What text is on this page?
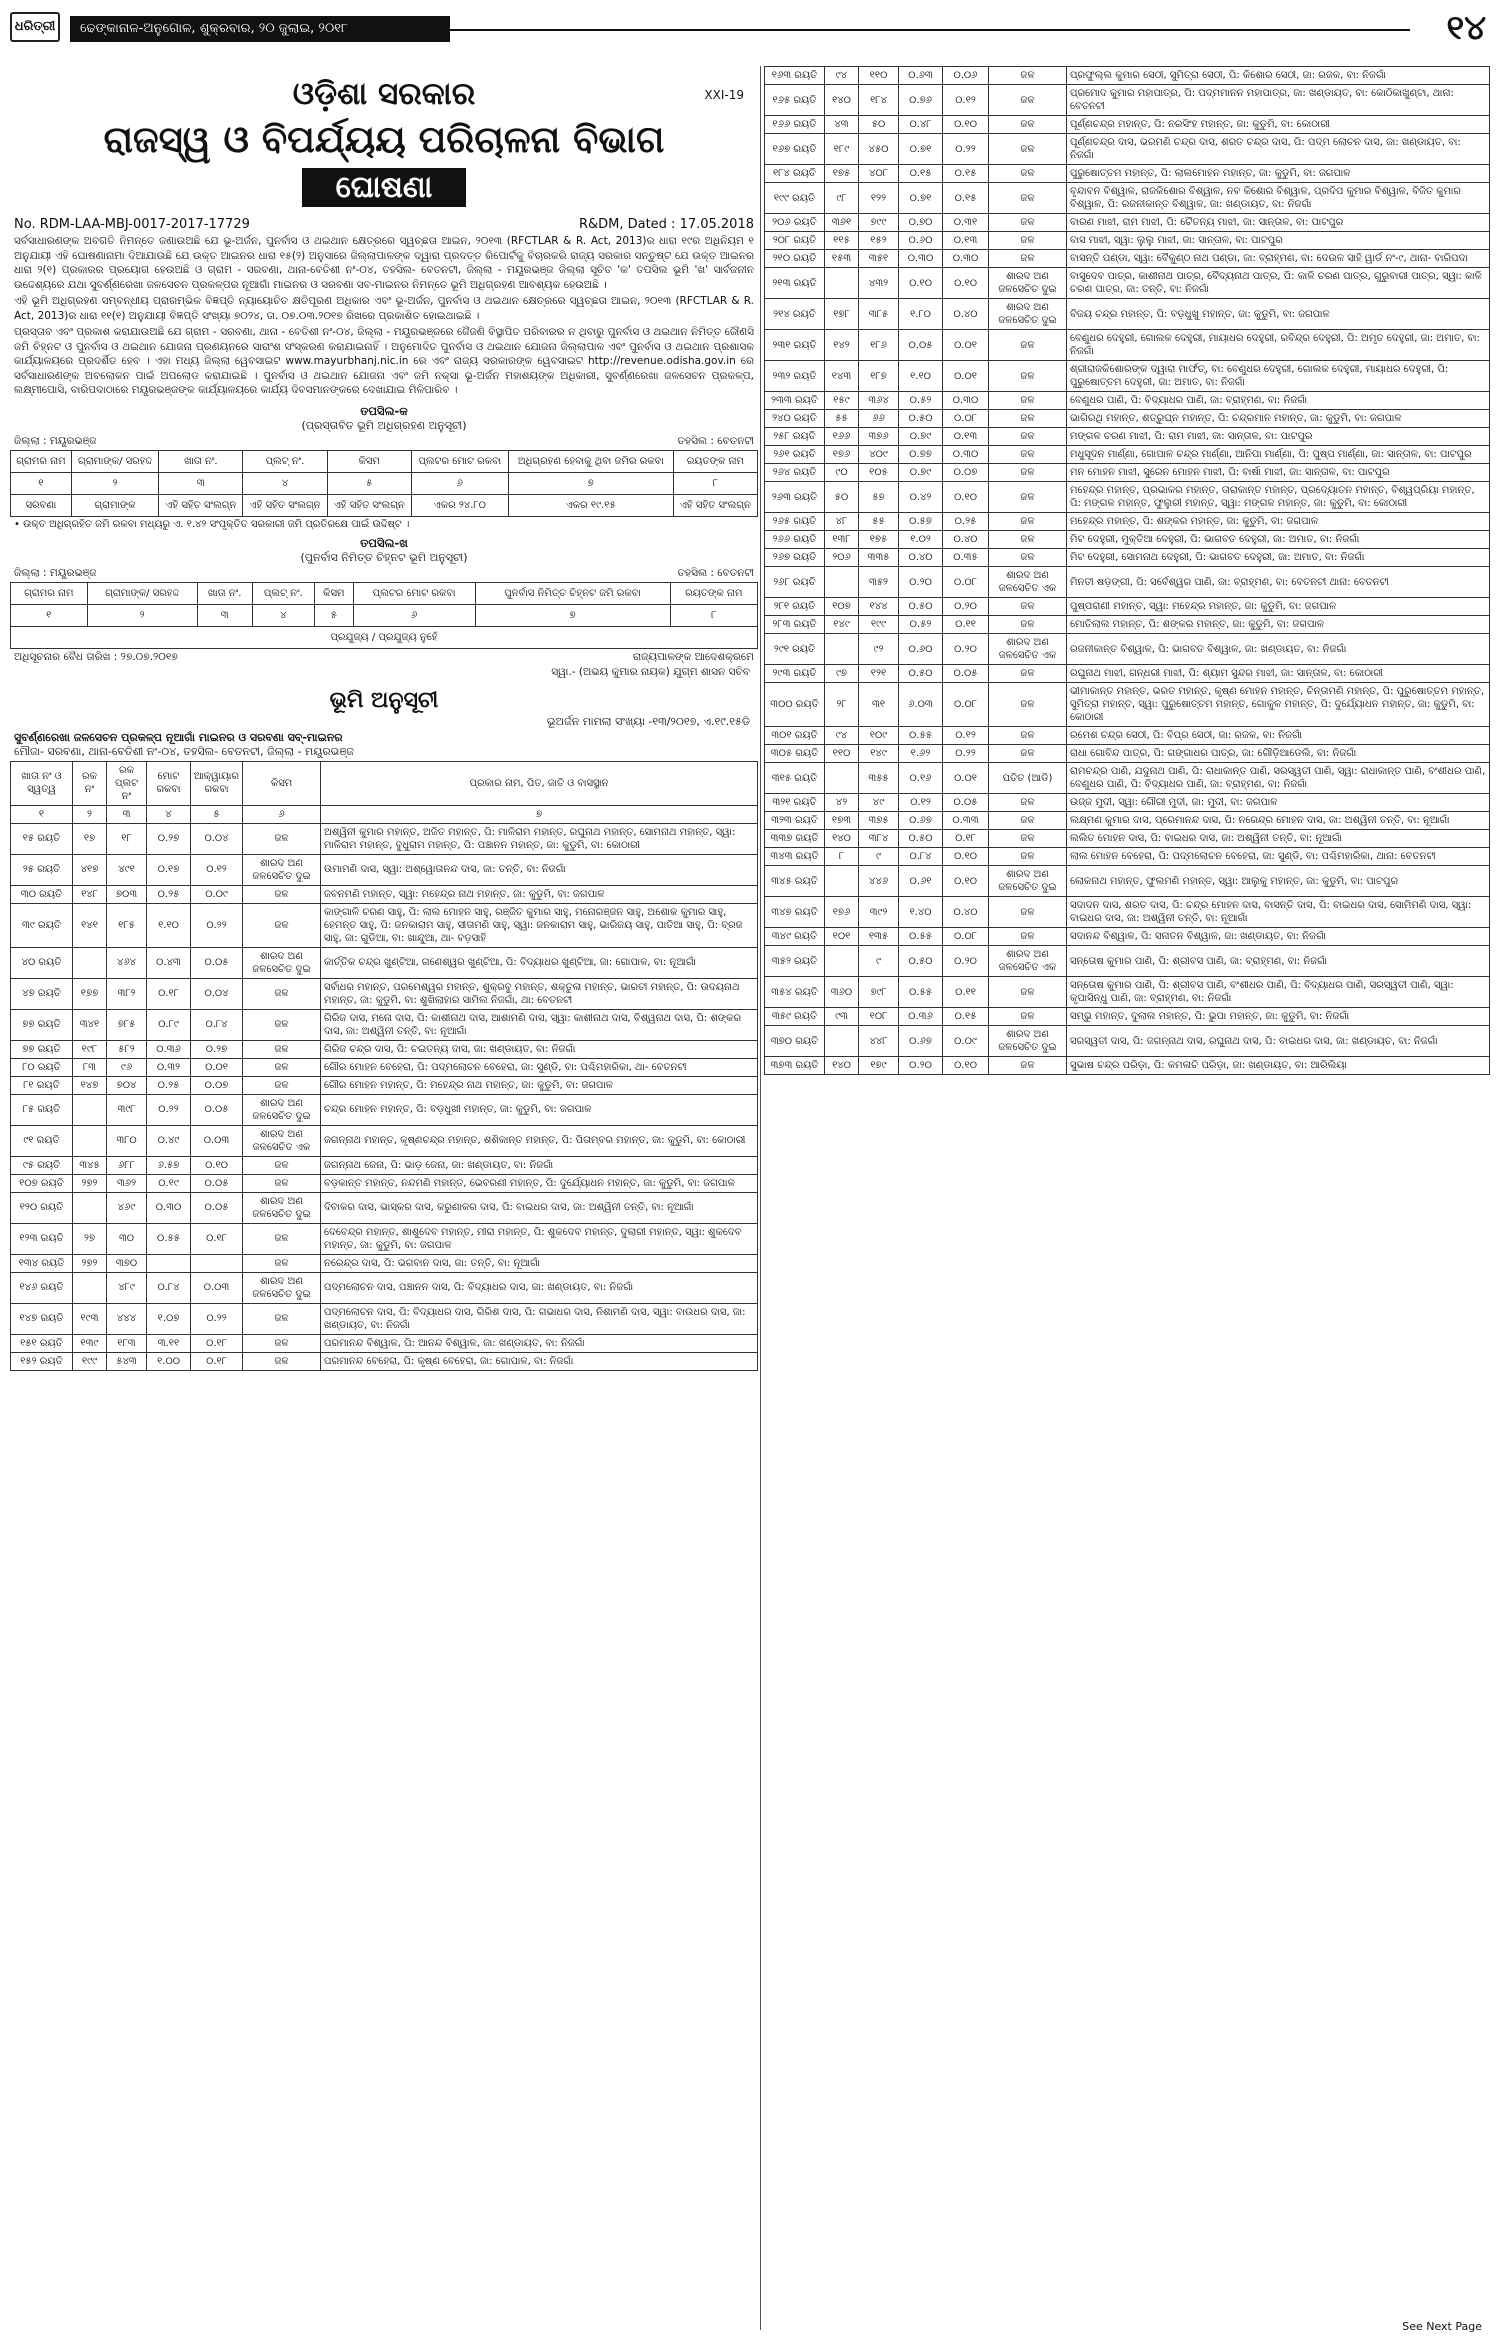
ଧରିତ୍ରୀ	ଢେଙ୍କାନାଳ-ଅନୁଗୋଳ, ଶୁକ୍ରବାର, ୨୦ ଜୁଲାଇ, ୨୦୧୮	୧୪
XXI-19
ଓଡ଼ିଶା ସରକାର
ରାଜସ୍ୱ ଓ ବିପର୍ଯ୍ୟୟ ପରିଚାଳନା ବିଭାଗ
ଘୋଷଣା
No. RDM-LAA-MBJ-0017-2017-17729	R&DM, Dated : 17.05.2018

ସର୍ବସାଧାରଣଙ୍କ ଅବଗତି ନିମନ୍ତେ ଜଣାଉଅଛି ଯେ ଭୂ-ଅର୍ଜନ, ପୁନର୍ବାସ ଓ ଥଇଥାନ କ୍ଷେତ୍ରରେ ସ୍ୱଚ୍ଛତା ଆଇନ, ୨୦୧୩ (RFCTLAR & R. Act, 2013)ର ଧାରା ୧୯ର ଅଧିନିୟମ ୧ ଅନୁଯାୟୀ ଏହି ଘୋଷଣାନାମା ଦିଆଯାଉଛି ଯେ ଉକ୍ତ ଆଇନର ଧାରା ୧୫(୨) ଅନୁସାରେ ଜିଲ୍ଲାପାଳଙ୍କ ଦ୍ୱାରା ପ୍ରଦତ୍ତ ରିପୋର୍ଟକୁ ବିଚାରକରି ରାଜ୍ୟ ସରକାର ସନ୍ତୁଷ୍ଟ ଯେ ଉକ୍ତ ଆଇନର ଧାରା ୨(୧) ପ୍ରକାରର ପ୍ରୟୋଗ ହେଉଅଛି ଓ ଗ୍ରାମ - ସରବଣା, ଥାନା-ବେତିଶୀ ନଂ-୦୪, ତହସିଲ- ବେତନଟୀ, ଜିଲ୍ଲା - ମୟୂରଭଞ୍ଜ ଜିଲ୍ଲା ସୂଚିତ 'କ' ତପସିଲ ଭୂମି 'ଖ' ସାର୍ବଜନୀନ ଉଦ୍ଦେଶ୍ୟରେ ଯଥା ସୁବର୍ଣ୍ଣରେଖା ଜଳସେଚନ ପ୍ରକଳ୍ପର ନୂଆଗାଁ ମାଇନର ଓ ସରବଣା ସବ-ମାଇନର ନିମନ୍ତେ ଭୂମି ଅଧିଗ୍ରହଣ ଆବଶ୍ୟକ ହେଉଅଛି ।

ଏହି ଭୂମି ଅଧିଗ୍ରହଣ ସମ୍ବନ୍ଧୀୟ ପ୍ରାରମ୍ଭିକ ବିଜ୍ଞପ୍ତି ନ୍ୟାୟୋଚିତ କ୍ଷତିପୂରଣ ଅଧିକାର ଏବଂ ଭୂ-ଅର୍ଜନ, ପୁନର୍ବାସ ଓ ଥଇଥାନ କ୍ଷେତ୍ରରେ ସ୍ୱଚ୍ଛତା ଆଇନ, ୨୦୧୩ (RFCTLAR & R. Act, 2013)ର ଧାରା ୧୧(୧) ଅନୁଯାୟୀ ବିଜ୍ଞପ୍ତି ସଂଖ୍ୟା ୭୦୨୪, ତା. ୦୭.୦୩.୨୦୧୭ ରିଖରେ ପ୍ରକାଶିତ ହୋଇଥାଇଛି ।

ପ୍ରସ୍ତାବ ଏବଂ ପ୍ରକାଶ କରାଯାଉଅଛି ଯେ ଗ୍ରାମ - ସରବଣା, ଥାନା - ବେତିଶୀ ନଂ-୦୪, ଜିଲ୍ଲା - ମୟୂରଭଞ୍ଜରେ ଜୈଜଣି ବିସ୍ଥାପିତ ପରିବାରର ନ ଥିବାରୁ ପୁନର୍ବାସ ଓ ଥଇଥାନ ନିମିତ୍ତ ଜୌଣସି ଜମି ଚିହ୍ନଟ ଓ ପୁନର୍ବାସ ଓ ଥଇଥାନ ଯୋଜନା ପ୍ରଣୟନରେ ସାରାଂଶ ସଂସ୍କରଣ କରାଯାଇନାହିଁ । ଅନୁମୋଦିତ ପୁନର୍ବାସ ଓ ଥଇଥାନ ଯୋଜନା ଜିଲ୍ଲାପାଳ ଏବଂ ପୁନର୍ବାସ ଓ ଥଇଥାନ ପ୍ରଶାସକ କାର୍ଯ୍ୟାଳୟରେ ପ୍ରଦର୍ଶିତ ହେବ । ଏହା ମଧ୍ୟ ଜିଲ୍ଲା ୱେବସାଇଟ www.mayurbhanj.nic.in ରେ ଏବଂ ରାଜ୍ୟ ସରକାରଙ୍କ ୱେବସାଇଟ http://revenue.odisha.gov.in ରେ ସର୍ବସାଧାରଣଙ୍କ ଅବଲୋକନ ପାଇଁ ଅପଲୋଡ କରାଯାଇଛି । ପୁନର୍ବାସ ଓ ଥଇଥାନ ଯୋଜନା ଏବଂ ଜମି ନକ୍ସା ଭୂ-ଅର୍ଜନ ମହାଶୟଙ୍କ ଅଧିକାରୀ, ସୁବର୍ଣ୍ଣରେଖା ଜଳସେଚନ ପ୍ରକଳ୍ପ, ଲକ୍ଷ୍ମୀପୋସି, ବାରିପଦାଠାରେ ମୟୂରଭଞ୍ଜଙ୍କ କାର୍ଯ୍ୟାଳୟରେ କାର୍ଯ୍ୟ ଦିବସମାନଙ୍କରେ ଦେଖାଯାଇ ମିଳିପାରିବ ।

ତପସିଲ-କ
(ପ୍ରସ୍ତାବିତ ଭୂମି ଅଧିଗ୍ରହଣ ଅନୁସୂଚୀ)
ଜିଲ୍ଲା : ମୟୂରଭଞ୍ଜ	ତହସିଲ : ବେତନଟୀ
ଗ୍ରାମର ନାମ	ଗ୍ରାମାଙ୍କ/ ସରହଦ୍ଦ	ଖାତା ନଂ.	ପ୍ଲଟ୍ ନଂ.	କିସମ	ପ୍ଲଟର ମୋଟ ରକବା	ଅଧିଗ୍ରହଣ ହେବାକୁ ଥିବା ଜମିର ରକବା	ରୟତଙ୍କ ନାମ
୧	୨	୩	୪	୫	୬	୭	୮
ସରବଣା	ଗ୍ରାମାଙ୍କ	ଏହି ସହିତ ସଂଲଗ୍ନ	ଏହି ସହିତ ସଂଲଗ୍ନ	ଏହି ସହିତ ସଂଲଗ୍ନ	ଏକର ୨୪.୮୦	ଏକର ୧୯.୧୫	ଏହି ସହିତ ସଂଲଗ୍ନ
• ଉକ୍ତ ଅଧିଗ୍ରହିତ ଜମି ରକବା ମଧ୍ୟରୁ ଏ. ୧.୪୨ ସଂପୃକ୍ତିତ ସରକାରୀ ଜମି ପ୍ରତିରକ୍ଷେ ପାଇଁ ଉଦ୍ଦିଷ୍ଟ ।
ତପସିଲ-ଖ
(ପୁନର୍ବାସ ନିମିତ୍ତ ଚିହ୍ନଟ ଭୂମି ଅନୁସୂଚୀ)
ଜିଲ୍ଲା : ମୟୂରଭଞ୍ଜ	ତହସିଲ : ବେତନଟୀ
ଗ୍ରାମର ନାମ	ଗ୍ରାମାଙ୍କ/ ସରହଦ୍ଦ	ଖାତା ନଂ.	ପ୍ଲଟ୍ ନଂ.	କିସମ	ପ୍ଲଟର ମୋଟ ରକବା	ପୁନର୍ବାସ ନିମିତ୍ତ ଚିହ୍ନଟ ଜମି ରକବା	ରୟତଙ୍କ ନାମ
୧	୨	୩	୪	୫	୬	୭	୮
ପ୍ରଯୁଜ୍ୟ / ପ୍ରଯୁଜ୍ୟ ନୁହେଁ							
ଅଧିସୂଚନାର ବୈଧ ତାରିଖ : ୨୭.୦୭.୨୦୧୭	ରାଜ୍ୟପାଳଙ୍କ ଆଦେଶକ୍ରମେ
ସ୍ୱା.- (ଅଭୟ କୁମାର ନାୟକ) ଯୁଗ୍ମ ଶାସନ ସଚିବ
ଭୂମି ଅନୁସୂଚୀ
ଭୂଅର୍ଜନ ମାମଲା ସଂଖ୍ୟା -୧୩/୨୦୧୭, ଏ.୧୯.୧୫ଡି
ସୁବର୍ଣ୍ଣରେଖା ଜଳସେଚନ ପ୍ରକଳ୍ପ ନୂଆଗାଁ ମାଇନର ଓ ସରବଣା ସବ୍-ମାଇନର
ମୌଜା- ସରବଣା, ଥାନା-ବେତିଶୀ ନଂ-୦୪, ତହସିଲ- ବେତନଟୀ, ଜିଲ୍ଲା - ମୟୂରଭଞ୍ଜ
ଖାତା ନଂ ଓ ସ୍ୱତ୍ୱ	ରକ ନଂ	ରକ ପ୍ଲଟ ନଂ	ମୋଟ ରକବା	ଆକ୍ୱାୟାର ରକବା	କିସମ	ପ୍ରକାର ନାମ, ପିତ, ଜାତି ଓ ବାସସ୍ଥାନ
୧	୨	୩	୪	୫	୬	୭
୧୫ ରୟତି	୧୭	୧୮	୦.୨୭	୦.୦୪	ଜଳ	ଅଶ୍ୱିନୀ କୁମାର ମହାନ୍ତ, ଅଜିତ ମହାନ୍ତ, ପି: ମାଳିରାମ ମହାନ୍ତ, ରଘୁନାଥ ମହାନ୍ତ, ସୋମନାଥ ମହାନ୍ତ, ସ୍ୱା: ମାଳିରାମ ମହାନ୍ତ, ବୁଧୁରାମ ମହାନ୍ତ, ପି: ପଞ୍ଚାନନ ମହାନ୍ତ, ଜା: କୁଡୁମି, ବା: କୋଠାରୀ
୨୫ ରୟତି	୪୧୭	୪୯୧	୦.୧୭	୦.୧୨	ଶାରଦ ଅଣ ଜଳସେଚିତ ଦୁଇ	ଉମାମଣି ଦାସ, ସ୍ୱା: ଅଶ୍ୱୋତାନନ୍ଦ ଦାସ, ଜା: ତନ୍ତି, ବା: ନିଜଗାଁ
୩୦ ରୟତି	୧୪୮	୭୦୩	୦.୨୫	୦.୦୯	ଜଳ	ଜବନମଣି ମହାନ୍ତ, ସ୍ୱା: ମହେନ୍ଦ୍ର ନାଥ ମହାନ୍ତ, ଜା: କୁଡୁମି, ବା: ଜଗପାଳ
୩୯ ରୟତି	୧୪୧	୧୮୫	୧.୧୦	୦.୨୨	ଜଳ	କାଙ୍ଗାଳି ଚରଣ ସାହୁ, ପି: ଲାଲ ମୋହନ ସାହୁ, ରଞ୍ଜିତ କୁମାର ସାହୁ, ମନୋରଞ୍ଜନ ସାହୁ, ଅଶୋକ କୁମାର ସାହୁ, ହେମନ୍ତ ସାହୁ, ପି: ଜନକାରାମ ସାହୁ, ସୀତାମଣି ସାହୁ, ସ୍ୱା: ଜନକାରାମ ସାହୁ, ଭାରିଜୟ ସାହୁ, ପାତିଆ ସାହୁ, ପି: ବ୍ରଜ ସାହୁ, ଜା: ଗୁଡିଆ, ବା: ଖାନ୍ଦୁଆ, ଥା- ବଡ଼ସାହି
୪୦ ରୟତି		୪୬୪	୦.୪୩	୦.୦୫	ଶାରଦ ଅଣ ଜଳସେଚିତ ଦୁଇ	କାର୍ତ୍ତିକ ଚନ୍ଦ୍ର ଖୁଣ୍ଟିଆ, ଗଣେଶ୍ୱର ଖୁଣ୍ଟିଆ, ପି: ବିଦ୍ୟାଧର ଖୁଣ୍ଟିଆ, ଜା: ଗୋପାଳ, ବା: ନୂଆଗାଁ
୪୭ ରୟତି	୧୭୭	୩୮୨	୦.୧୮	୦.୦୪	ଜଳ	ସର୍ବାଧର ମହାନ୍ତ, ପରମେଶ୍ୱର ମହାନ୍ତ, ଶୁକ୍ରବୁ ମହାନ୍ତ, ଶକ୍ତୁଳା ମହାନ୍ତ, ଭାରତୀ ମହାନ୍ତ, ପି: ଉଦୟନାଥ ମହାନ୍ତ, ଜା: କୁଡୁମି, ବା: ଶୁଖିଲାହାର ସାମିଲ ନିଜଗାଁ, ଥା: ବେତନଟୀ
୭୭ ରୟତି	୩୪୧	୭୮୫	୦.୮୯	୦.୮୪	ଜଳ	ଗିରିଜ ଦାସ, ମନୋ ଦାସ, ପି: କାଶୀନାଥ ଦାସ, ଆଶାମଣି ଦାସ, ସ୍ୱା: କାଶୀନାଥ ଦାସ, ବିଶ୍ୱନାଥ ଦାସ, ପି: ଶଙ୍କର ଦାସ, ଜା: ଅଶ୍ୱିନୀ ତନ୍ତି, ବା: ନୂଆଗାଁ
୭୭ ରୟତି	୧୯୮	୫୮୨	୦.୩୬	୦.୨୭	ଜଳ	ଗିରିଜ ଚନ୍ଦ୍ର ଦାସ, ପି: ଚଇତନ୍ୟ ଦାସ, ଜା: ଖଣ୍ଡାୟତ, ବା: ନିଜଗାଁ
୮୦ ରୟତି	୮୩	୯୬	୦.୩୨	୦.୦୧	ଜଳ	ଗୌର ମୋହନ ବେହେରା, ପି: ପଦ୍ମଲୋଚନ ବେହେରା, ଜା: ସୁଣ୍ଡି, ବା: ପଶ୍ଚିମହାରିକା, ଥା- ବେତନଟୀ
୮୧ ରୟତି	୧୪୭	୭୦୪	୦.୨୫	୦.୦୭	ଜଳ	ଗୌର ମୋହନ ମହାନ୍ତ, ପି: ମହେନ୍ଦ୍ର ନାଥ ମହାନ୍ତ, ଜା: କୁଡୁମି, ବା: ଜଗପାଳ
୮୫ ରୟତି		୩୯୮	୦.୨୨	୦.୦୫	ଶାରଦ ଅଣ ଜଳସେଚିତ ଦୁଇ	ଚନ୍ଦ୍ର ମୋହନ ମହାନ୍ତ, ପି: ବଡ଼ଧୁଖୀ ମହାନ୍ତ, ଜା: କୁଡୁମି, ବା: ଜଗପାଳ
୯୧ ରୟତି		୩୮୦	୦.୪୯	୦.୦୩	ଶାରଦ ଅଣ ଜଳସେଚିତ ଏକ	ଜଗନ୍ନାଥ ମହାନ୍ତ, କୃଷ୍ଣଚନ୍ଦ୍ର ମହାନ୍ତ, ଶଶିକାନ୍ତ ମହାନ୍ତ, ପି: ପିତାମ୍ବର ମହାନ୍ତ, ଜା: କୁଡୁମି, ବା: କୋଠାରୀ
୯୫ ରୟତି	୩୪୫	୬୮୮	୬.୫୭	୦.୧୦	ଜଳ	ଜଗନ୍ନାଥ ଜେନା, ପି: ଭାଡ଼ ଜେନା, ଜା: ଖଣ୍ଡାୟତ, ବା: ନିଜଗାଁ
୧୦୭ ରୟତି	୨୭୨	୩୬୨	୦.୧୯	୦.୦୫	ଜଳ	ବଡ଼କାନ୍ତ ମହାନ୍ତ, ନନ୍ଦମଣି ମହାନ୍ତ, ଭେବରଣୀ ମହାନ୍ତ, ପି: ଦୁର୍ଯ୍ୟୋଧନ ମହାନ୍ତ, ଜା: କୁଡୁମି, ବା: ଜଗପାଳ
୧୨୦ ରୟତି		୪୬୯	୦.୩୦	୦.୦୫	ଶାରଦ ଅଣ ଜଳସେଚିତ ଦୁଇ	ଦିବାକର ଦାସ, ଭାସ୍କର ଦାସ, କରୁଣାକର ଦାସ, ପି: ବାଇଧର ଦାସ, ଜା: ଅଶ୍ୱିନୀ ତନ୍ତି, ବା: ନୂଆଗାଁ
୧୨୩ ରୟତି	୨୭	୩୦	୦.୫୫	୦.୧୮	ଜଳ	ଦେବେନ୍ଦ୍ର ମହାନ୍ତ, ଶାଶୁଦେବ ମହାନ୍ତ, ମୀରା ମହାନ୍ତ, ପି: ଶୁକଦେବ ମହାନ୍ତ, ଦୁଲାରୀ ମହାନ୍ତ, ସ୍ୱା: ଶୁକଦେବ ମହାନ୍ତ, ଜା: କୁଡୁମି, ବା: ଜଗପାଳ
୧୩୪ ରୟତି	୨୭୨	୩୭୦			ଜଳ	ନରେନ୍ଦ୍ର ଦାସ, ପି: ଭଗବାନ ଦାସ, ଜା: ତନ୍ତି, ବା: ନୂଆଗାଁ
୧୪୬ ରୟତି		୪୮୯	୦.୮୪	୦.୦୩	ଶାରଦ ଅଣ ଜଳସେଚିତ ଦୁଇ	ପଦ୍ମଲୋଚନ ଦାସ, ପଞ୍ଚାନନ ଦାସ, ପି: ବିଦ୍ୟାଧର ଦାସ, ଜା: ଖଣ୍ଡାୟତ, ବା: ନିଜଗାଁ
୧୪୭ ରୟତି	୧୯୩	୪୪୪	୧.୦୭	୦.୨୨	ଜଳ	ପଦ୍ମଲୋଚନ ଦାସ, ପି: ବିଦ୍ୟାଧର ଦାସ, ଗିରିଶ ଦାସ, ପି: ଗଭାଧର ଦାସ, ନିଶାମଣି ଦାସ, ସ୍ୱା: ବାଉଧର ଦାସ, ଜା: ଖଣ୍ଡାୟତ, ବା: ନିଜଗାଁ
୧୫୧ ରୟତି	୧୩୯	୧୮୩	୩.୧୧	୦.୧୮	ଜଳ	ପରମାନନ୍ଦ ବିଶ୍ୱାଳ, ପି: ଆନନ୍ଦ ବିଶ୍ୱାଳ, ଜା: ଖଣ୍ଡାୟତ, ବା: ନିଜଗାଁ
୧୫୨ ରୟତି	୧୯୯	୫୪୩	୧.୦୦	୦.୧୮	ଜଳ	ପରମାନନ୍ଦ ବେହେରା, ପି: କୃଷ୍ଣ ବେହେରା, ଜା: ଗୋପାଳ, ବା: ନିଜଗାଁ
୧୬୩ ରୟତି	୯୪	୧୧୦	୦.୬୩	୦.୦୬	ଜଳ	ପ୍ରଫୁଲ୍ଲ କୁମାର ସେଠୀ, ସୁମିତ୍ରା ସେଠୀ, ପି: କିଶୋର ସେଠୀ, ଜା: ରଜକ, ବା: ନିଜଗାଁ
୧୬୫ ରୟତି	୧୪୦	୧୮୪	୦.୭୬	୦.୧୨	ଜଳ	ପ୍ରମୋଦ କୁମାର ମହାପାତ୍ର, ପି: ପଦ୍ମମାନନ ମହାପାତ୍ର, ଜା: ଖଣ୍ଡାୟତ, ବା: କୋଠିକାଖୁଣ୍ଟା, ଥାନା: ବେତନଟୀ
୧୬୬ ରୟତି	୪୩	୫୦	୦.୪୮	୦.୧୦	ଜଳ	ପୂର୍ଣ୍ଣଚନ୍ଦ୍ର ମହାନ୍ତ, ପି: ନରସିଂହ ମହାନ୍ତ, ଜା: କୁଡୁମି, ବା: କୋଠାରୀ
୧୬୭ ରୟତି	୧୮୯	୪୫୦	୦.୭୧	୦.୨୨	ଜଳ	ପୂର୍ଣ୍ଣଚନ୍ଦ୍ର ଦାସ, ଭରମଣି ଚନ୍ଦ୍ର ଦାସ, ଶରତ ଚନ୍ଦ୍ର ଦାସ, ପି: ପଦ୍ମ ଲୋଚନ ଦାସ, ଜା: ଖଣ୍ଡାୟତ, ବା: ନିଜଗାଁ
୧୮୪ ରୟତି	୧୭୫	୪୦୮	୦.୧୫	୦.୧୫	ଜଳ	ପୁରୁଷୋତ୍ତମ ମହାନ୍ତ, ପି: ଲାଲମୋହନ ମହାନ୍ତ, ଜା: କୁଡୁମି, ବା: ଜଗପାଳ
୧୯୯ ରୟତି	୯୮	୧୨୨	୦.୭୧	୦.୧୫	ଜଳ	ବୃନ୍ଦାବନ ବିଶ୍ୱାଳ, ରାଜକିଶୋର ବିଶ୍ୱାଳ, ନବ କିଶୋର ବିଶ୍ୱାଳ, ପ୍ରଦିପ କୁମାର ବିଶ୍ୱାଳ, ବିଜିତ କୁମାର ବିଶ୍ୱାଳ, ପି: ରଜନୀକାନ୍ତ ବିଶ୍ୱାଳ, ଜା: ଖଣ୍ଡାୟତ, ବା: ନିଜଗାଁ
୨୦୬ ରୟତି	୩୬୧	୭୯୯	୦.୭୦	୦.୩୧	ଜଳ	ବାରଣ ମାଝୀ, ରାମ ମାଝୀ, ପି: ଚୈତନ୍ୟ ମାଝୀ, ଜା: ସାନ୍ତାଳ, ବା: ପାଟପୁର
୨୦୮ ରୟତି	୧୧୫	୧୫୨	୦.୬୦	୦.୧୩	ଜଳ	ବାସ ମାଝୀ, ସ୍ୱା: ଲୁଲୁ ମାଝୀ, ଜା: ସାନ୍ତାଳ, ବା: ପାଟପୁର
୨୧୦ ରୟତି	୧୫୩	୩୫୧	୦.୩୦	୦.୩୦	ଜଳ	ବାସନ୍ତି ପଣ୍ଡା, ସ୍ୱା: ବୈକୁଣ୍ଠ ନାଥ ପଣ୍ଡା, ଜା: ବ୍ରାହ୍ମଣ, ବା: ଦେଉଳ ସାହି ୱାର୍ଡ ନଂ-୯, ଥାନା- ବାରିପଦା
୨୧୩ ରୟତି		୪୩୨	୦.୧୦	୦.୧୦	ଶାରଦ ଅଣ ଜଳସେଚିତ ଦୁଇ	ବାସୁଦେବ ପାତ୍ର, କାଶୀନାଥ ପାତ୍ର, ବୈଦ୍ୟନାଥ ପାତ୍ର, ପି: କାଳି ଚରଣ ପାତ୍ର, ଗୁରୁବାରୀ ପାତ୍ର, ସ୍ୱା: କାଳି ଚରଣ ପାତ୍ର, ଜା: ତନ୍ତି, ବା: ନିଜଗାଁ
୨୧୪ ରୟତି	୧୭୮	୩୮୫	୧.୮୦	୦.୪୦	ଶାରଦ ଅଣ ଜଳସେଚିତ ଦୁଇ	ବିଜୟ ଚନ୍ଦ୍ର ମହାନ୍ତ, ପି: ବଡ଼ଧୁଖୁ ମହାନ୍ତ, ଜା: କୁଡୁମି, ବା: ଜଗପାଳ
୨୩୧ ରୟତି	୧୪୨	୧୮୬	୦.୦୫	୦.୦୧	ଜଳ	ବେଣୁଧର ଦେହୁରୀ, ଗୋଲକ ଦେହୁରୀ, ମାୟାଧର ଦେହୁରୀ, ରବିନ୍ଦ୍ର ଦେହୁରୀ, ପି: ଅମୃତ ଦେହୁରୀ, ଜା: ଅମାତ, ବା: ନିଜଗାଁ
୨୩୨ ରୟତି	୧୪୩	୧୮୭	୧.୧୦	୦.୦୧	ଜଳ	ଶ୍ରୀରାଜକିଶୋରଙ୍କ ଦ୍ୱାରା ମାର୍ଫତ୍, ବା: ବେଣୁଧର ଦେହୁରୀ, ଗୋଲକ ଦେହୁରୀ, ମାୟାଧର ଦେହୁରୀ, ପି: ପୁରୁଷୋତ୍ତମ ଦେହୁରୀ, ଜା: ଅମାତ, ବା: ନିଜଗାଁ
୨୩୩ ରୟତି	୧୫୯	୩୬୪	୦.୫୨	୦.୩୦	ଜଳ	ବେଣୁଧର ପାଣି, ପି: ବିଦ୍ୟାଧର ପାଣି, ଜା: ବ୍ରାହ୍ମଣ, ବା: ନିଜଗାଁ
୨୪୦ ରୟତି	୫୫	୬୬	୦.୫୦	୦.୦୮	ଜଳ	ଭାଗିରଥି ମହାନ୍ତ, ଶତ୍ରୁଘ୍ନ ମହାନ୍ତ, ପି: ଚନ୍ଦ୍ରମାନ ମହାନ୍ତ, ଜା: କୁଡୁମି, ବା: ଜଗପାଳ
୨୫୮ ରୟତି	୧୬୬	୩୭୬	୦.୭୯	୦.୧୩	ଜଳ	ମଙ୍ଗଳ ଚରଣ ମାଝୀ, ପି: ରାମ ମାଝୀ, ଜା: ସାନ୍ତାଳ, ବା: ପାଟପୁର
୨୬୧ ରୟତି	୧୭୬	୪୦୯	୦.୭୭	୦.୩୦	ଜଳ	ମଧୁସୂଦନ ମାର୍ଣ୍ଣା, ଗୋପାଳ ଚନ୍ଦ୍ର ମାର୍ଣ୍ଣା, ଆନିପା ମାର୍ଣ୍ଣା, ପି: ପୁଷ୍ପ ମାର୍ଣ୍ଣା, ଜା: ସାନ୍ତାଳ, ବା: ପାଟପୁର
୨୬୪ ରୟତି	୯୦	୧୦୫	୦.୭୯	୦.୦୭	ଜଳ	ମନ ମୋହନ ମାଝୀ, ସୁରେନ ମୋହନ ମାଝୀ, ପି: ବାର୍ଷା ମାଝୀ, ଜା: ସାନ୍ତାଳ, ବା: ପାଟପୁର
୨୬୩ ରୟତି	୫୦	୫୭	୦.୪୨	୦.୧୦	ଜଳ	ମହେନ୍ଦ୍ର ମହାନ୍ତ, ପ୍ରଭାକର ମହାନ୍ତ, ତାରାକାନ୍ତ ମହାନ୍ତ, ପ୍ରଦ୍ୟୋତନ ମହାନ୍ତ, ବିଶ୍ୱପ୍ରିୟା ମହାନ୍ତ, ପି: ମଙ୍ଗଳ ମହାନ୍ତ, ଫୁଲୁରୀ ମହାନ୍ତ, ସ୍ୱା: ମଙ୍ଗଳ ମହାନ୍ତ, ଜା: କୁଡୁମି, ବା: କୋଠାରୀ
୨୬୫ ରୟତି	୪୮	୫୫	୦.୫୭	୦.୨୫	ଜଳ	ମହେନ୍ଦ୍ର ମହାନ୍ତ, ପି: ଶଙ୍କର ମହାନ୍ତ, ଜା: କୁଡୁମି, ବା: ଜଗପାଳ
୨୬୬ ରୟତି	୧୩୮	୧୭୫	୧.୦୨	୦.୪୦	ଜଳ	ମିଟ ଦେହୁରୀ, ମୁକ୍ତିଆ ଦେହୁରୀ, ପି: ଭାଗବତ ଦେହୁରୀ, ଜା: ଅମାତ, ବା: ନିଜଗାଁ
୨୬୭ ରୟତି	୨୦୬	୩୩୫	୦.୪୦	୦.୩୫	ଜଳ	ମିଟ ଦେହୁରୀ, ସୋମନାଥ ଦେହୁରୀ, ପି: ଭାଗବତ ଦେହୁରୀ, ଜା: ଅମାତ, ବା: ନିଜଗାଁ
୨୬୮ ରୟତି		୩୫୨	୦.୨୦	୦.୦୮	ଶାରଦ ଅଣ ଜଳସେଚିତ ଏକ	ମିନତୀ ଷଡ଼ଙ୍ଗୀ, ପି: ସର୍ବେଶ୍ୱର ପାଣି, ଜା: ବ୍ରାହ୍ମଣ, ବା: ବେତନଟୀ ଥାନା: ବେତନଟୀ
୨୮୧ ରୟତି	୧୦୭	୧୪୪	୦.୫୦	୦.୨୦	ଜଳ	ପୁଷ୍ପରାଣୀ ମହାନ୍ତ, ସ୍ୱା: ମହେନ୍ଦ୍ର ମହାନ୍ତ, ଜା: କୁଡୁମି, ବା: ଜଗପାଳ
୨୮୩ ରୟତି	୧୪୯	୧୯୯	୦.୫୨	୦.୧୧	ଜଳ	ମୋତିଲାଲ ମହାନ୍ତ, ପି: ଶଙ୍କର ମହାନ୍ତ, ଜା: କୁଡୁମି, ବା: ଜଗପାଳ
୨୯୧ ରୟତି		୯୨	୦.୬୦	୦.୨୦	ଶାରଦ ଅଣ ଜଳସେଚିତ ଏକ	ରଜନୀକାନ୍ତ ବିଶ୍ୱାଳ, ପି: ଭାଗବତ ବିଶ୍ୱାଳ, ଜା: ଖଣ୍ଡାୟତ, ବା: ନିଜଗାଁ
୨୯୩ ରୟତି	୯୭	୧୨୧	୦.୫୦	୦.୦୫	ଜଳ	ରଘୁନାଥ ମାଝୀ, ଗନ୍ଧରୀ ମାଝୀ, ପି: ଶ୍ୟାମ ସୁନ୍ଦର ମାଝୀ, ଜା: ସାନ୍ତାଳ, ବା: କୋଠାରୀ
୩୦୦ ରୟତି	୨୮	୩୧	୬.୦୩	୦.୦୮	ଜଳ	ଭୀମାକାନ୍ତ ମହାନ୍ତ, ଭରତ ମହାନ୍ତ, କୃଷ୍ଣ ମୋହନ ମହାନ୍ତ, ଚିନ୍ତାମଣି ମହାନ୍ତ, ପି: ପୁରୁଷୋତ୍ତମ ମହାନ୍ତ, ସୁମିତ୍ରା ମହାନ୍ତ, ସ୍ୱା: ପୁରୁଷୋତ୍ତମ ମହାନ୍ତ, ଗୋକୁଳ ମହାନ୍ତ, ପି: ଦୁର୍ଯ୍ୟୋଧନ ମହାନ୍ତ, ଜା: କୁଡୁମି, ବା: କୋଠାରୀ
୩୦୧ ରୟତି	୯୪	୧୦୯	୦.୫୫	୦.୧୨	ଜଳ	ରମେଶ ଚନ୍ଦ୍ର ସେଠୀ, ପି: ବିପ୍ର ସେଠୀ, ଜା: ରଜକ, ବା: ନିଜଗାଁ
୩୦୫ ରୟତି	୧୧୦	୧୪୯	୧.୬୨	୦.୨୨	ଜଳ	ରାଧା ଗୋବିନ୍ଦ ପାତ୍ର, ପି: ଗଙ୍ଗାଧର ପାତ୍ର, ଜା: ଗୌଡ଼ିଆଡେଲି, ବା: ନିଜଗାଁ
୩୧୫ ରୟତି		୩୫୫	୦.୧୬	୦.୦୧	ପତିତ (ଆଡି)	ରାମଚନ୍ଦ୍ର ପାଣି, ଯଦୁନାଥ ପାଣି, ପି: ରାଧାକାନ୍ତ ପାଣି, ସରସ୍ୱତୀ ପାଣି, ସ୍ୱା: ରାଧାକାନ୍ତ ପାଣି, ବଂଶୀଧର ପାଣି, ବେଣୁଧର ପାଣି, ପି: ବିଦ୍ୟାଧର ପାଣି, ଜା: ବ୍ରାହ୍ମଣ, ବା: ନିଜଗାଁ
୩୨୧ ରୟତି	୪୨	୪୯	୦.୧୨	୦.୦୫	ଜଳ	ଉଜ୍ଜ ମୁଦୀ, ସ୍ୱା: ଗୌରୀ ମୁଦୀ, ଜା: ମୁଦୀ, ବା: ଜଗପାଳ
୩୨୩ ରୟତି	୧୭୩	୩୭୫	୦.୬୭	୦.୩୩	ଜଳ	ଲକ୍ଷ୍ମଣ କୁମାର ଦାସ, ପ୍ରେମାନନ୍ଦ ଦାସ, ପି: ନରେନ୍ଦ୍ର ମୋହନ ଦାସ, ଜା: ଅଶ୍ୱିନୀ ତନ୍ତି, ବା: ନୂଆଗାଁ
୩୩୭ ରୟତି	୧୪୦	୩୮୪	୦.୫୦	୦.୧୮	ଜଳ	ଲଲିତ ମୋହନ ଦାସ, ପି: ବାଇଧର ଦାସ, ଜା: ଅଶ୍ୱିନୀ ତନ୍ତି, ବା: ନୂଆଗାଁ
୩୪୩ ରୟତି	୮	୯	୦.୮୪	୦.୧୦	ଜଳ	ଲାଲ ମୋହନ ବେହେରା, ପି: ପଦ୍ମଲୋଚନ ବେହେରା, ଜା: ସୁଣ୍ଡି, ବା: ପଶ୍ଚିମହାରିକା, ଥାନା: ବେତନଟୀ
୩୪୫ ରୟତି		୪୪୬	୦.୬୧	୦.୧୦	ଶାରଦ ଅଣ ଜଳସେଚିତ ଦୁଇ	ଲୋକନାଥ ମହାନ୍ତ, ଫୁଲମଣି ମହାନ୍ତ, ସ୍ୱା: ଆଲୁକୁ ମହାନ୍ତ, ଜା: କୁଡୁମି, ବା: ପାଟପୁର
୩୪୭ ରୟତି	୧୭୬	୩୯୨	୧.୪୦	୦.୪୦	ଜଳ	ସଦାଦନ ଦାସ, ଶରତ ଦାସ, ପି: ଚନ୍ଦ୍ର ମୋହନ ଦାସ, ବାସନ୍ତି ଦାସ, ପି: ବାଇଧର ଦାସ, ସୋମିମଣି ଦାସ, ସ୍ୱା: ବାଇଧର ଦାସ, ଜା: ଅଶ୍ୱିନୀ ତନ୍ତି, ବା: ନୂଆଗାଁ
୩୪୯ ରୟତି	୧୦୧	୧୩୫	୦.୫୫	୦.୦୮	ଜଳ	ସଦାନନ୍ଦ ବିଶ୍ୱାଳ, ପି: ସନାତନ ବିଶ୍ୱାଳ, ଜା: ଖଣ୍ଡାୟତ, ବା: ନିଜଗାଁ
୩୫୨ ରୟତି		୯	୦.୫୦	୦.୨୦	ଶାରଦ ଅଣ ଜଳସେଚିତ ଏକ	ସନ୍ତୋଷ କୁମାର ପାଣି, ପି: ଶ୍ରୀବସ ପାଣି, ଜା: ବ୍ରାହ୍ମଣ, ବା: ନିଜଗାଁ
୩୫୪ ରୟତି	୩୬୦	୭୯୮	୦.୫୫	୦.୧୧	ଜଳ	ସନ୍ତୋଷ କୁମାର ପାଣି, ପି: ଶ୍ରୀବସ ପାଣି, ବଂଶୀଧର ପାଣି, ପି: ବିଦ୍ୟାଧର ପାଣି, ସରସ୍ୱତୀ ପାଣି, ସ୍ୱା: କୃପାସିନ୍ଧୁ ପାଣି, ଜା: ବ୍ରାହ୍ମଣ, ବା: ନିଜଗାଁ
୩୫୯ ରୟତି	୯୩	୧୦୮	୦.୩୬	୦.୧୫	ଜଳ	ସମ୍ଭୁ ମହାନ୍ତ, ଦୁଲାଲ ମହାନ୍ତ, ପି: ଭୁପା ମହାନ୍ତ, ଜା: କୁଡୁମି, ବା: ନିଜଗାଁ
୩୭୦ ରୟତି		୪୪୮	୦.୬୭	୦.୦୯	ଶାରଦ ଅଣ ଜଳସେଚିତ ଦୁଇ	ସରସ୍ୱତୀ ଦାସ, ପି: ଜଗନ୍ନାଥ ଦାସ, ରଘୁନାଥ ଦାସ, ପି: ବାଇଧର ଦାସ, ଜା: ଖଣ୍ଡାୟତ, ବା: ନିଜଗାଁ
୩୭୩ ରୟତି	୧୪୦	୧୭୯	୦.୨୦	୦.୧୦	ଜଳ	ସୁଭାଷ ଚନ୍ଦ୍ର ପରିଡ଼ା, ପି: କମଳାଚି ପରିଡ଼ା, ଜା: ଖଣ୍ଡାୟତ, ବା: ଆରିଲିୟା
See Next Page
